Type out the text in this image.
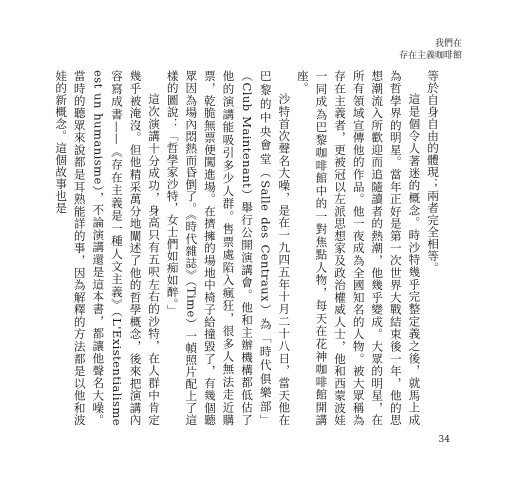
我們在
存在主義咖啡館

等於自身自由的體現；兩者完全相等。

這是個令人著迷的概念。時沙特幾乎完整定義之後，就馬上成為哲學界的明星。當年正好是第一次世界大戰結束後一年，他的思想潮流入所歡迎而追隨讀者的熱潮，他幾乎變成。大眾的明星，在所有領域宣傳他的作品。他一夜成為全國知名的人物。被大眾稱為存在主義者，更被冠以左派思想家及政治權威人士，他和西蒙波娃一同成為巴黎咖啡館中的一對焦點人物，每天在花神咖啡館開講座。

沙特首次聲名大噪，是在一九四五年十月二十八日，當天他在巴黎的中央會堂（Salle des Centraux）為「時代俱樂部」（Club Maintenant）舉行公開演講會。他和主辦機構都低估了他的演講能吸引多少人群。售票處陷入瘋狂，很多人無法走近購票，乾脆無票便闖進場。在擠擁的場地中椅子給撞毀了，有幾個聽眾因為場內悶熱而昏倒了。《時代雜誌》（Time）一幀照片配上了這樣的圖說：「哲學家沙特，女士們如痴如醉。」

這次演講十分成功，身高只有五呎左右的沙特，在人群中肯定幾乎被淹沒。但他精采萬分地闡述了他的哲學概念，後來把演講內容寫成書——《存在主義是一種人文主義》（L'Existentialisme est un humanisme），不論演講還是這本書，都讓他聲名大噪。當時的聽眾來說都是耳熟能詳的事，因為解釋的方法都是以他和波娃的新概念。這個故事也是

34
